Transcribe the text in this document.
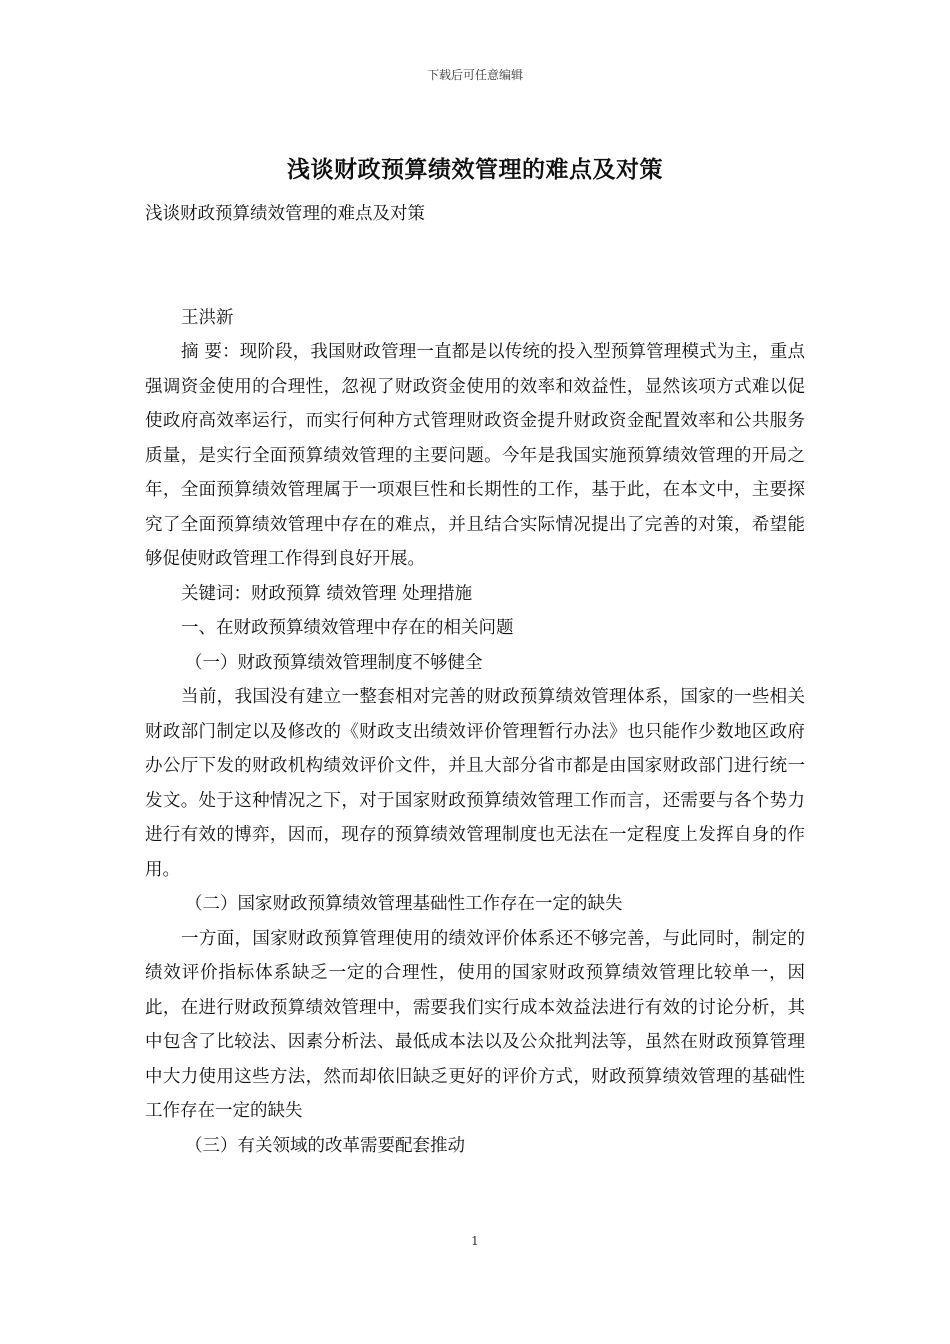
下载后可任意编辑
浅谈财政预算绩效管理的难点及对策

浅谈财政预算绩效管理的难点及对策

王洪新

摘 要：现阶段，我国财政管理一直都是以传统的投入型预算管理模式为主，重点强调资金使用的合理性，忽视了财政资金使用的效率和效益性，显然该项方式难以促使政府高效率运行，而实行何种方式管理财政资金提升财政资金配置效率和公共服务质量，是实行全面预算绩效管理的主要问题。今年是我国实施预算绩效管理的开局之年，全面预算绩效管理属于一项艰巨性和长期性的工作，基于此，在本文中，主要探究了全面预算绩效管理中存在的难点，并且结合实际情况提出了完善的对策，希望能够促使财政管理工作得到良好开展。

关键词：财政预算 绩效管理 处理措施

一、在财政预算绩效管理中存在的相关问题

（一）财政预算绩效管理制度不够健全

当前，我国没有建立一整套相对完善的财政预算绩效管理体系，国家的一些相关财政部门制定以及修改的《财政支出绩效评价管理暂行办法》也只能作少数地区政府办公厅下发的财政机构绩效评价文件，并且大部分省市都是由国家财政部门进行统一发文。处于这种情况之下，对于国家财政预算绩效管理工作而言，还需要与各个势力进行有效的博弈，因而，现存的预算绩效管理制度也无法在一定程度上发挥自身的作用。

（二）国家财政预算绩效管理基础性工作存在一定的缺失

一方面，国家财政预算管理使用的绩效评价体系还不够完善，与此同时，制定的绩效评价指标体系缺乏一定的合理性，使用的国家财政预算绩效管理比较单一，因此，在进行财政预算绩效管理中，需要我们实行成本效益法进行有效的讨论分析，其中包含了比较法、因素分析法、最低成本法以及公众批判法等，虽然在财政预算管理中大力使用这些方法，然而却依旧缺乏更好的评价方式，财政预算绩效管理的基础性工作存在一定的缺失

（三）有关领域的改革需要配套推动

1
